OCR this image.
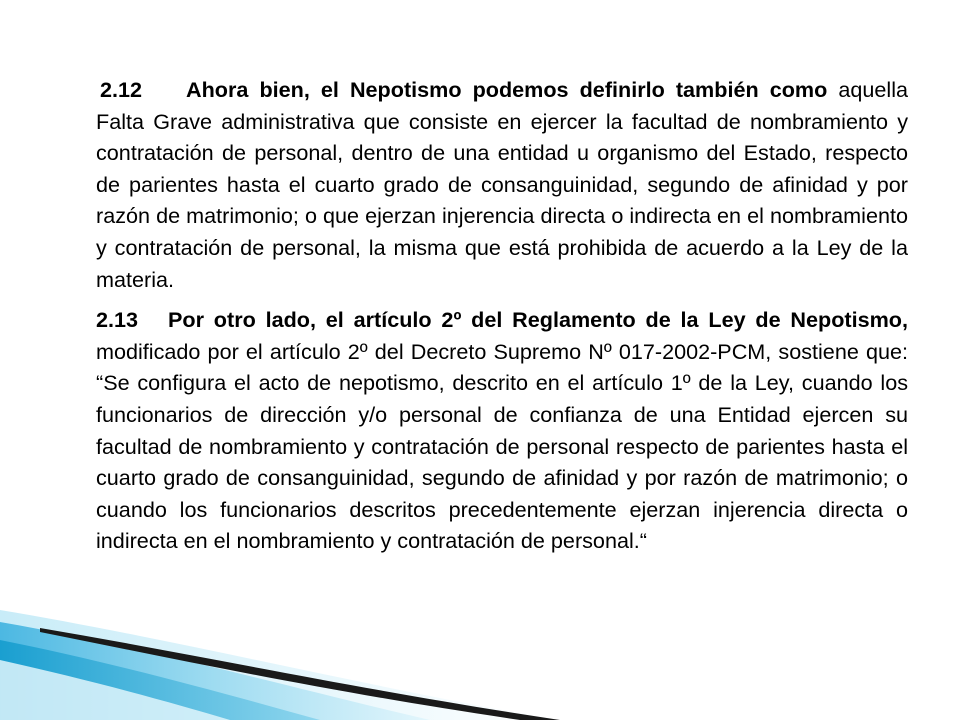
2.12 Ahora bien, el Nepotismo podemos definirlo también como aquella Falta Grave administrativa que consiste en ejercer la facultad de nombramiento y contratación de personal, dentro de una entidad u organismo del Estado, respecto de parientes hasta el cuarto grado de consanguinidad, segundo de afinidad y por razón de matrimonio; o que ejerzan injerencia directa o indirecta en el nombramiento y contratación de personal, la misma que está prohibida de acuerdo a la Ley de la materia.

2.13 Por otro lado, el artículo 2º del Reglamento de la Ley de Nepotismo, modificado por el artículo 2º del Decreto Supremo Nº 017-2002-PCM, sostiene que: “Se configura el acto de nepotismo, descrito en el artículo 1º de la Ley, cuando los funcionarios de dirección y/o personal de confianza de una Entidad ejercen su facultad de nombramiento y contratación de personal respecto de parientes hasta el cuarto grado de consanguinidad, segundo de afinidad y por razón de matrimonio; o cuando los funcionarios descritos precedentemente ejerzan injerencia directa o indirecta en el nombramiento y contratación de personal.“
